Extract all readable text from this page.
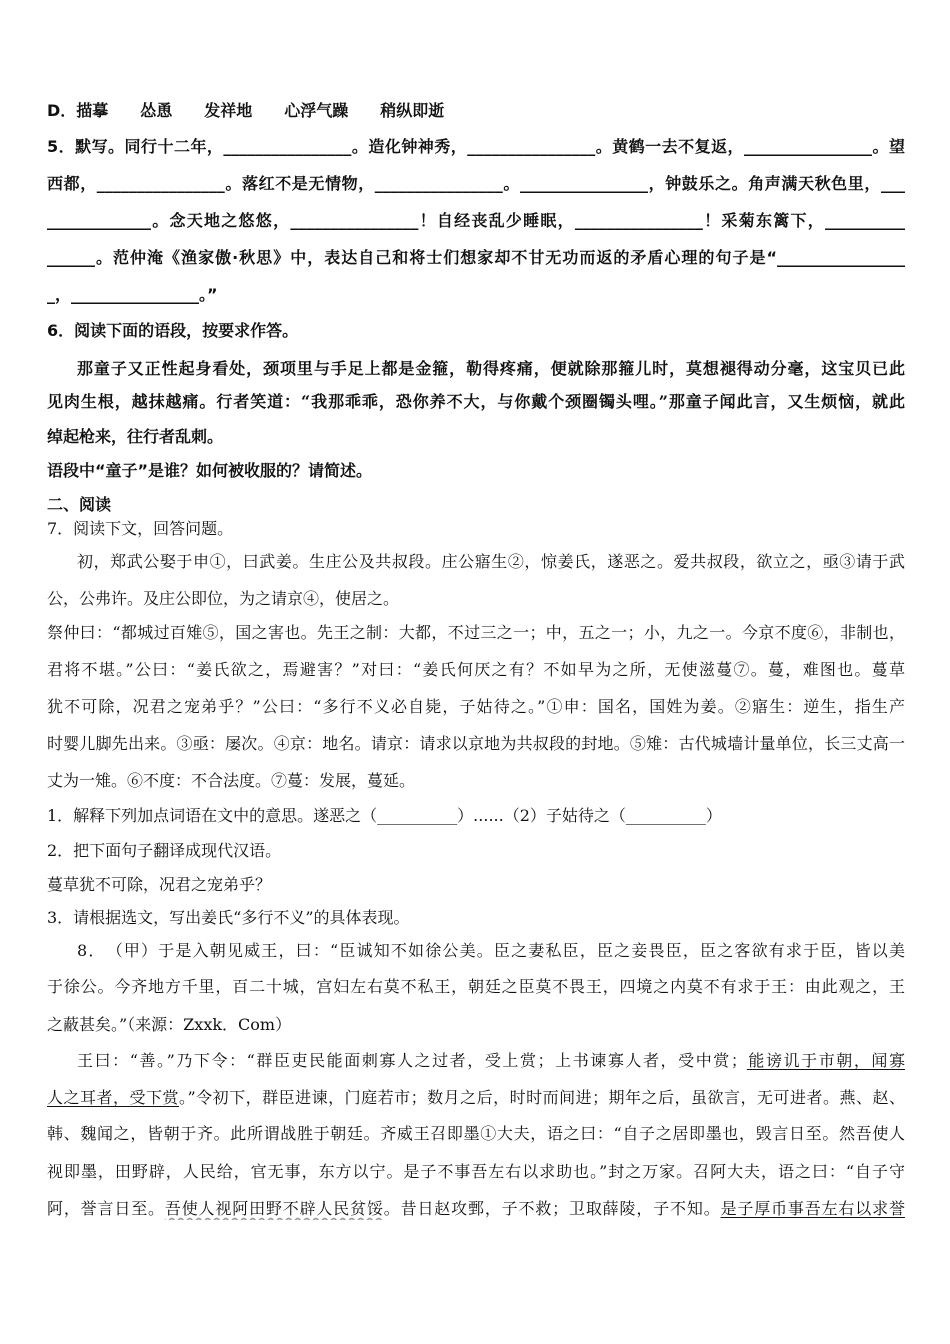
D．描摹　　怂恿　　发祥地　　心浮气躁　　稍纵即逝
5．默写。同行十二年，________________。造化钟神秀，________________。黄鹤一去不复返，________________。望
西都，________________。落红不是无情物，________________。________________，钟鼓乐之。角声满天秋色里，___
_____________。念天地之悠悠，________________！自经丧乱少睡眠，________________！采菊东篱下，__________
______。范仲淹《渔家傲·秋思》中，表达自己和将士们想家却不甘无功而返的矛盾心理的句子是“________________
_，________________。”
6．阅读下面的语段，按要求作答。
那童子又正性起身看处，颈项里与手足上都是金箍，勒得疼痛，便就除那箍儿时，莫想褪得动分毫，这宝贝已此
见肉生根，越抹越痛。行者笑道：“我那乖乖，恐你养不大，与你戴个颈圈镯头哩。”那童子闻此言，又生烦恼，就此
绰起枪来，往行者乱刺。
语段中“童子”是谁？如何被收服的？请简述。
二、阅读
7．阅读下文，回答问题。
初，郑武公娶于申①，曰武姜。生庄公及共叔段。庄公寤生②，惊姜氏，遂恶之。爱共叔段，欲立之，亟③请于武
公，公弗许。及庄公即位，为之请京④，使居之。
祭仲曰：“都城过百雉⑤，国之害也。先王之制：大都，不过三之一；中，五之一；小，九之一。今京不度⑥，非制也，
君将不堪。”公曰：“姜氏欲之，焉避害？”对曰：“姜氏何厌之有？不如早为之所，无使滋蔓⑦。蔓，难图也。蔓草
犹不可除，况君之宠弟乎？”公曰：“多行不义必自毙，子姑待之。”①申：国名，国姓为姜。②寤生：逆生，指生产
时婴儿脚先出来。③亟：屡次。④京：地名。请京：请求以京地为共叔段的封地。⑤雉：古代城墙计量单位，长三丈高一
丈为一雉。⑥不度：不合法度。⑦蔓：发展，蔓延。
1．解释下列加点词语在文中的意思。遂恶之（__________）......（2）子姑待之（__________）
2．把下面句子翻译成现代汉语。
蔓草犹不可除，况君之宠弟乎？
3．请根据选文，写出姜氏“多行不义”的具体表现。
8．　（甲）于是入朝见威王，曰：“臣诚知不如徐公美。臣之妻私臣，臣之妾畏臣，臣之客欲有求于臣，皆以美
于徐公。今齐地方千里，百二十城，宫妇左右莫不私王，朝廷之臣莫不畏王，四境之内莫不有求于王：由此观之，王
之蔽甚矣。”（来源：Zxxk．Com）
王曰：“善。”乃下令：“群臣吏民能面刺寡人之过者，受上赏；上书谏寡人者，受中赏；能谤讥于市朝，闻寡
人之耳者，受下赏。”令初下，群臣进谏，门庭若市；数月之后，时时而间进；期年之后，虽欲言，无可进者。燕、赵、
韩、魏闻之，皆朝于齐。此所谓战胜于朝廷。齐威王召即墨①大夫，语之曰：“自子之居即墨也，毁言日至。然吾使人
视即墨，田野辟，人民给，官无事，东方以宁。是子不事吾左右以求助也。”封之万家。召阿大夫，语之曰：“自子守
阿，誉言日至。吾使人视阿田野不辟人民贫馁。昔日赵攻鄄，子不救；卫取薛陵，子不知。是子厚币事吾左右以求誉
